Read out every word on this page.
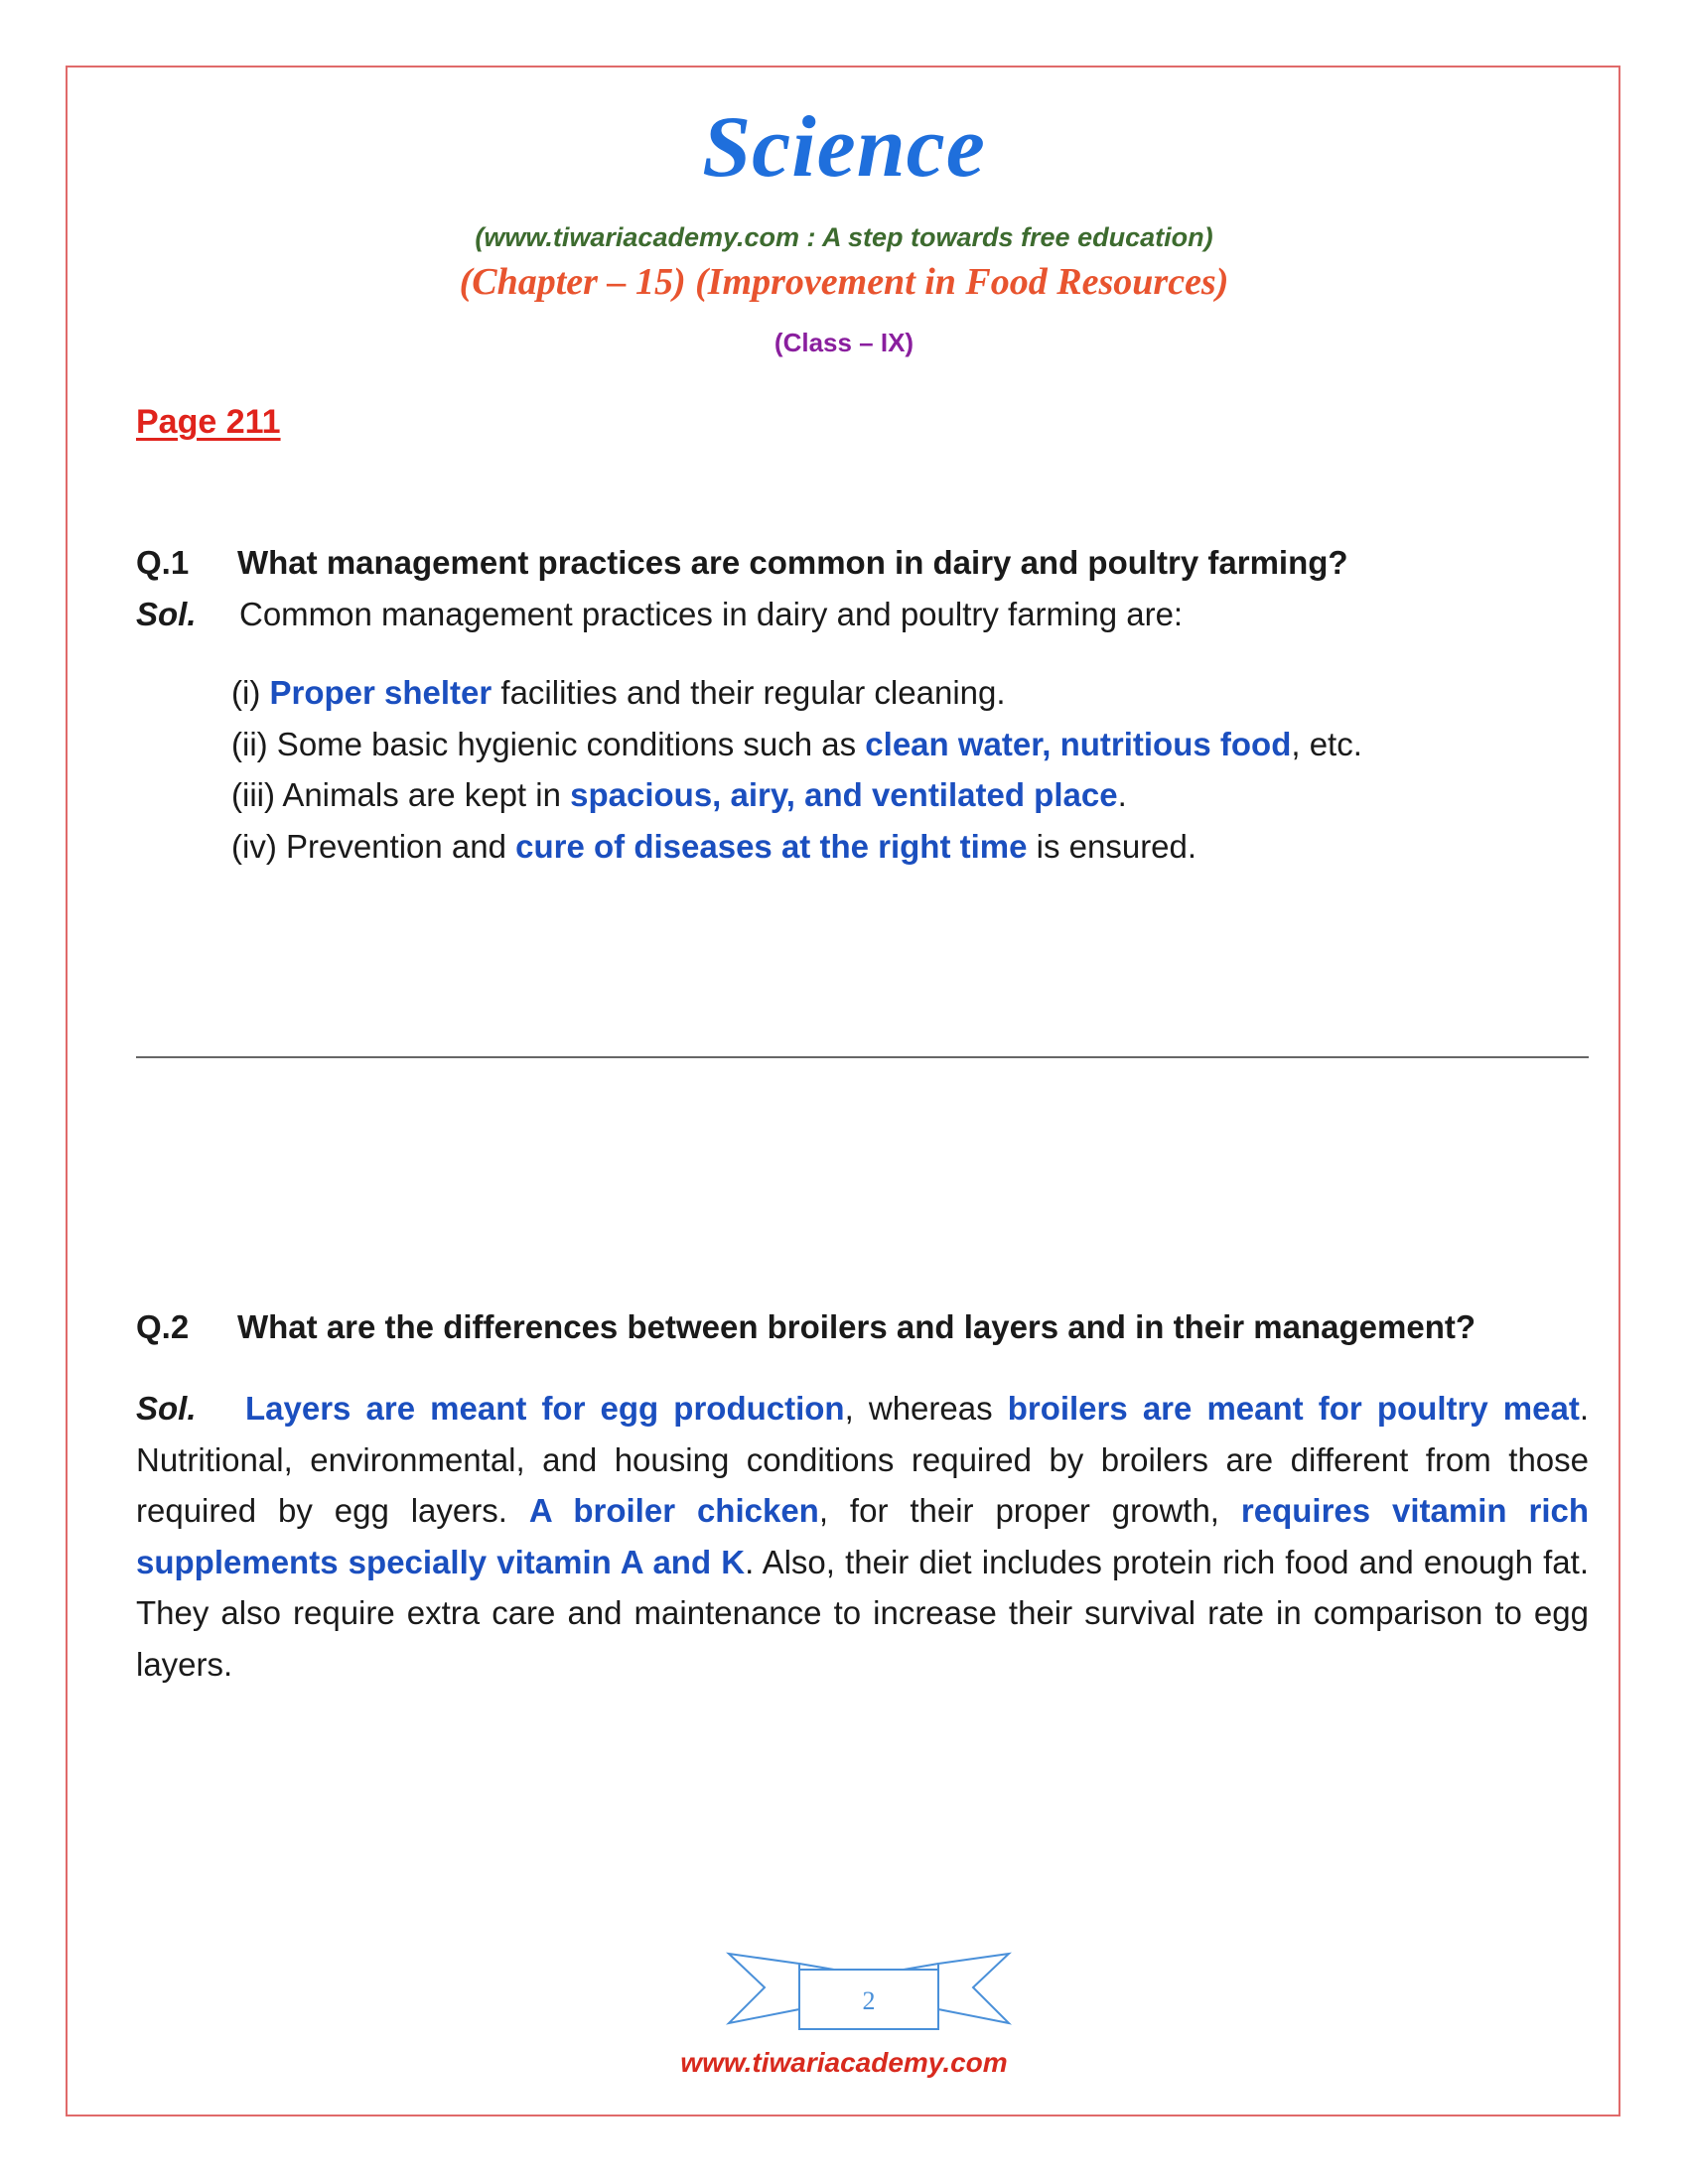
Science
(www.tiwariacademy.com : A step towards free education)
(Chapter – 15) (Improvement in Food Resources)
(Class – IX)
Page 211
Q.1 What management practices are common in dairy and poultry farming?
Sol. Common management practices in dairy and poultry farming are:
(i) Proper shelter facilities and their regular cleaning.
(ii) Some basic hygienic conditions such as clean water, nutritious food, etc.
(iii) Animals are kept in spacious, airy, and ventilated place.
(iv) Prevention and cure of diseases at the right time is ensured.
Q.2 What are the differences between broilers and layers and in their management?

Sol. Layers are meant for egg production, whereas broilers are meant for poultry meat. Nutritional, environmental, and housing conditions required by broilers are different from those required by egg layers. A broiler chicken, for their proper growth, requires vitamin rich supplements specially vitamin A and K. Also, their diet includes protein rich food and enough fat. They also require extra care and maintenance to increase their survival rate in comparison to egg layers.

2
www.tiwariacademy.com
